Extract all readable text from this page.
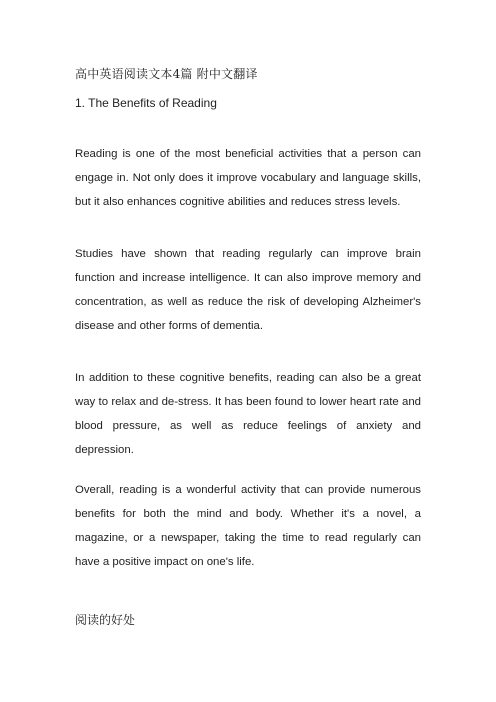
高中英语阅读文本4篇 附中文翻译
1. The Benefits of Reading

Reading is one of the most beneficial activities that a person can engage in. Not only does it improve vocabulary and language skills, but it also enhances cognitive abilities and reduces stress levels.

Studies have shown that reading regularly can improve brain function and increase intelligence. It can also improve memory and concentration, as well as reduce the risk of developing Alzheimer's disease and other forms of dementia.

In addition to these cognitive benefits, reading can also be a great way to relax and de-stress. It has been found to lower heart rate and blood pressure, as well as reduce feelings of anxiety and depression.

Overall, reading is a wonderful activity that can provide numerous benefits for both the mind and body. Whether it's a novel, a magazine, or a newspaper, taking the time to read regularly can have a positive impact on one's life.

阅读的好处
